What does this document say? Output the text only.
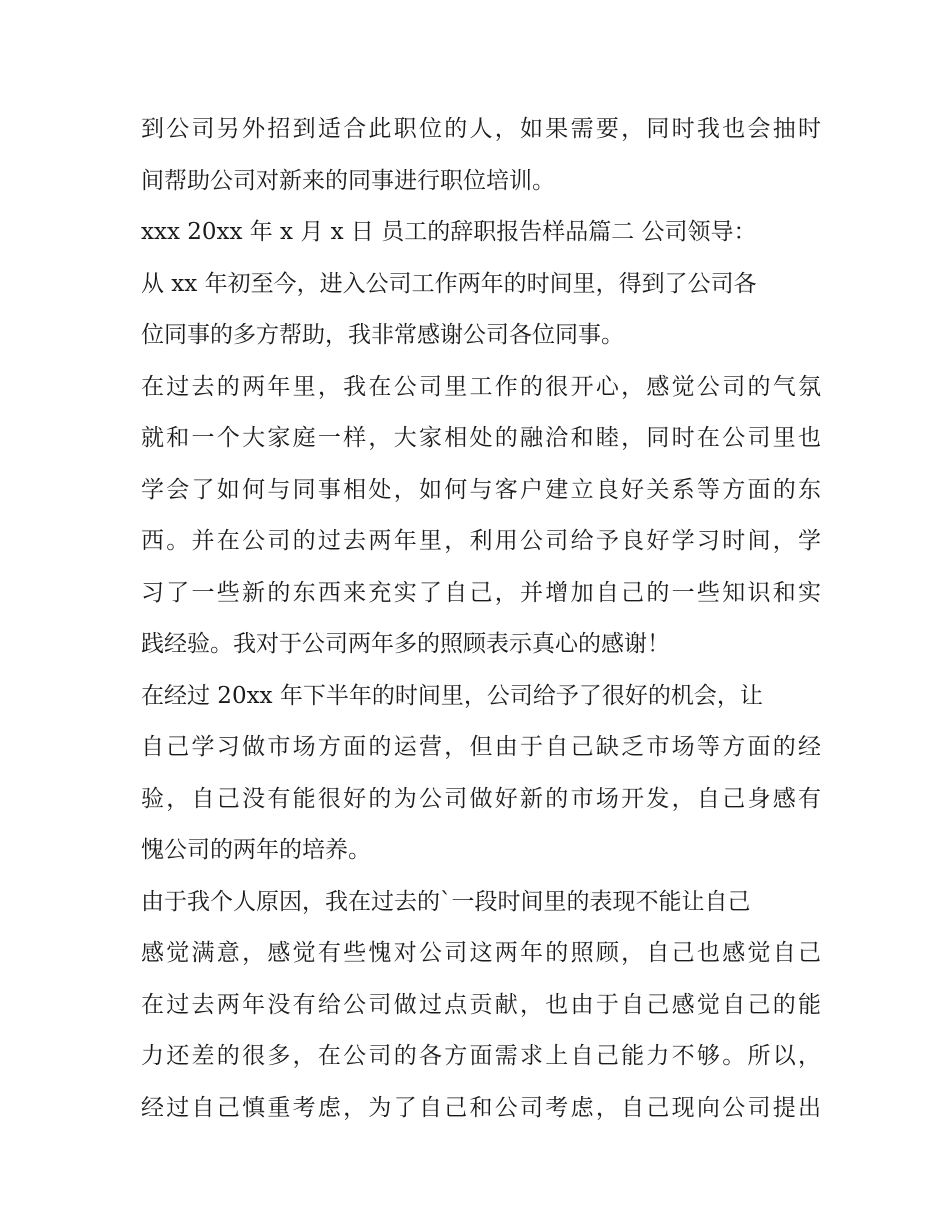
到公司另外招到适合此职位的人，如果需要，同时我也会抽时
间帮助公司对新来的同事进行职位培训。
xxx 20xx 年 x 月 x 日 员工的辞职报告样品篇二 公司领导：
从 xx 年初至今，进入公司工作两年的时间里，得到了公司各
位同事的多方帮助，我非常感谢公司各位同事。
在过去的两年里，我在公司里工作的很开心，感觉公司的气氛
就和一个大家庭一样，大家相处的融洽和睦，同时在公司里也
学会了如何与同事相处，如何与客户建立良好关系等方面的东
西。并在公司的过去两年里，利用公司给予良好学习时间，学
习了一些新的东西来充实了自己，并增加自己的一些知识和实
践经验。我对于公司两年多的照顾表示真心的感谢！
在经过 20xx 年下半年的时间里，公司给予了很好的机会，让
自己学习做市场方面的运营，但由于自己缺乏市场等方面的经
验，自己没有能很好的为公司做好新的市场开发，自己身感有
愧公司的两年的培养。
由于我个人原因，我在过去的`一段时间里的表现不能让自己
感觉满意，感觉有些愧对公司这两年的照顾，自己也感觉自己
在过去两年没有给公司做过点贡献，也由于自己感觉自己的能
力还差的很多，在公司的各方面需求上自己能力不够。所以，
经过自己慎重考虑，为了自己和公司考虑，自己现向公司提出
